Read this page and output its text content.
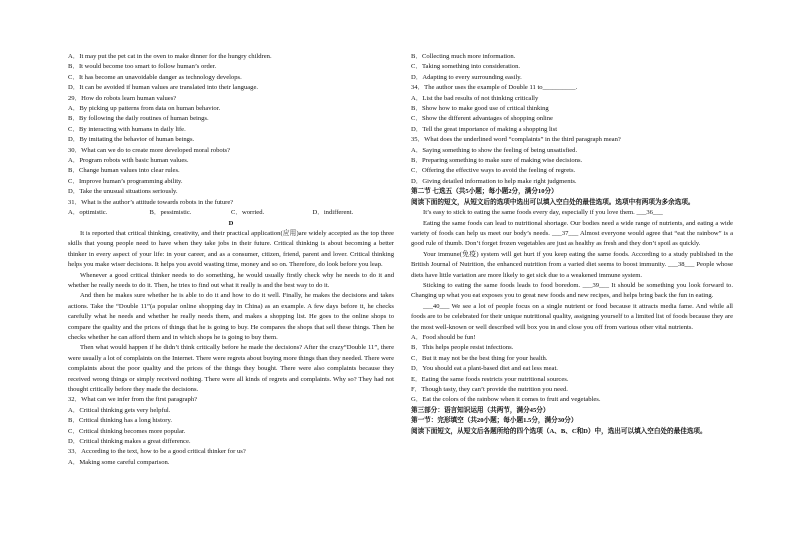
A．It may put the pet cat in the oven to make dinner for the hungry children.
B．It would become too smart to follow human’s order.
C．It has become an unavoidable danger as technology develops.
D．It can be avoided if human values are translated into their language.
29．How do robots learn human values?
A．By picking up patterns from data on human behavior.
B．By following the daily routines of human beings.
C．By interacting with humans in daily life.
D．By imitating the behavior of human beings.
30．What can we do to create more developed moral robots?
A．Program robots with basic human values.
B．Change human values into clear rules.
C．Improve human’s programming ability.
D．Take the unusual situations seriously.
31．What is the author’s attitude towards robots in the future?
A．optimistic.	B．pessimistic.	C．worried.	D．indifferent.
D
It is reported that critical thinking, creativity, and their practical application(应用)are widely accepted as the top three skills that young people need to have when they take jobs in their future. Critical thinking is about becoming a better thinker in every aspect of your life: in your career, and as a consumer, citizen, friend, parent and lover. Critical thinking helps you make wiser decisions. It helps you avoid wasting time, money and so on. Therefore, do look before you leap.
Whenever a good critical thinker needs to do something, he would usually firstly check why he needs to do it and whether he really needs to do it. Then, he tries to find out what it really is and the best way to do it.
And then he makes sure whether he is able to do it and how to do it well. Finally, he makes the decisions and takes actions. Take the “Double 11”(a popular online shopping day in China) as an example. A few days before it, he checks carefully what he needs and whether he really needs them, and makes a shopping list. He goes to the online shops to compare the quality and the prices of things that he is going to buy. He compares the shops that sell these things. Then he checks whether he can afford them and in which shops he is going to buy them.
Then what would happen if he didn’t think critically before he made the decisions? After the crazy“Double 11”, there were usually a lot of complaints on the Internet. There were regrets about buying more things than they needed. There were complaints about the poor quality and the prices of the things they bought. There were also complaints because they received wrong things or simply received nothing. There were all kinds of regrets and complaints. Why so? They had not thought critically before they made the decisions.
32．What can we infer from the first paragraph?
A．Critical thinking gets very helpful.
B．Critical thinking has a long history.
C．Critical thinking becomes more popular.
D．Critical thinking makes a great difference.
33．According to the text, how to be a good critical thinker for us?
A．Making some careful comparison.
B．Collecting much more information.
C．Taking something into consideration.
D．Adapting to every surrounding easily.
34．The author uses the example of Double 11 to__________.
A．List the bad results of not thinking critically
B．Show how to make good use of critical thinking
C．Show the different advantages of shopping online
D．Tell the great importance of making a shopping list
35．What does the underlined word “complaints” in the third paragraph mean?
A．Saying something to show the feeling of being unsatisfied.
B．Preparing something to make sure of making wise decisions.
C．Offering the effective ways to avoid the feeling of regrets.
D．Giving detailed information to help make right judgments.
第二节 七选五（共5小题；每小题2分，满分10分）
阅读下面的短文，从短文后的选项中选出可以填入空白处的最佳选项。选项中有两项为多余选项。
It’s easy to stick to eating the same foods every day, especially if you love them. ___36___
Eating the same foods can lead to nutritional shortage. Our bodies need a wide range of nutrients, and eating a wide variety of foods can help us meet our body’s needs. ___37___ Almost everyone would agree that “eat the rainbow” is a good rule of thumb. Don’t forget frozen vegetables are just as healthy as fresh and they don’t spoil as quickly.
Your immune(免疫) system will get hurt if you keep eating the same foods. According to a study published in the British Journal of Nutrition, the enhanced nutrition from a varied diet seems to boost immunity. ___38___ People whose diets have little variation are more likely to get sick due to a weakened immune system.
Sticking to eating the same foods leads to food boredom. ___39___ It should be something you look forward to. Changing up what you eat exposes you to great new foods and new recipes, and helps bring back the fun in eating.
___40___ We see a lot of people focus on a single nutrient or food because it attracts media fame. And while all foods are to be celebrated for their unique nutritional quality, assigning yourself to a limited list of foods because they are the most well-known or well described will box you in and close you off from various other vital nutrients.
A．Food should be fun!
B．This helps people resist infections.
C．But it may not be the best thing for your health.
D．You should eat a plant-based diet and eat less meat.
E．Eating the same foods restricts your nutritional sources.
F．Though tasty, they can’t provide the nutrition you need.
G．Eat the colors of the rainbow when it comes to fruit and vegetables.
第三部分：语言知识运用（共两节，满分45分）
第一节：完形填空（共20小题；每小题1.5分，满分30分）
阅读下面短文，从短文后各题所给的四个选项（A、B、C和D）中，选出可以填入空白处的最佳选项。
